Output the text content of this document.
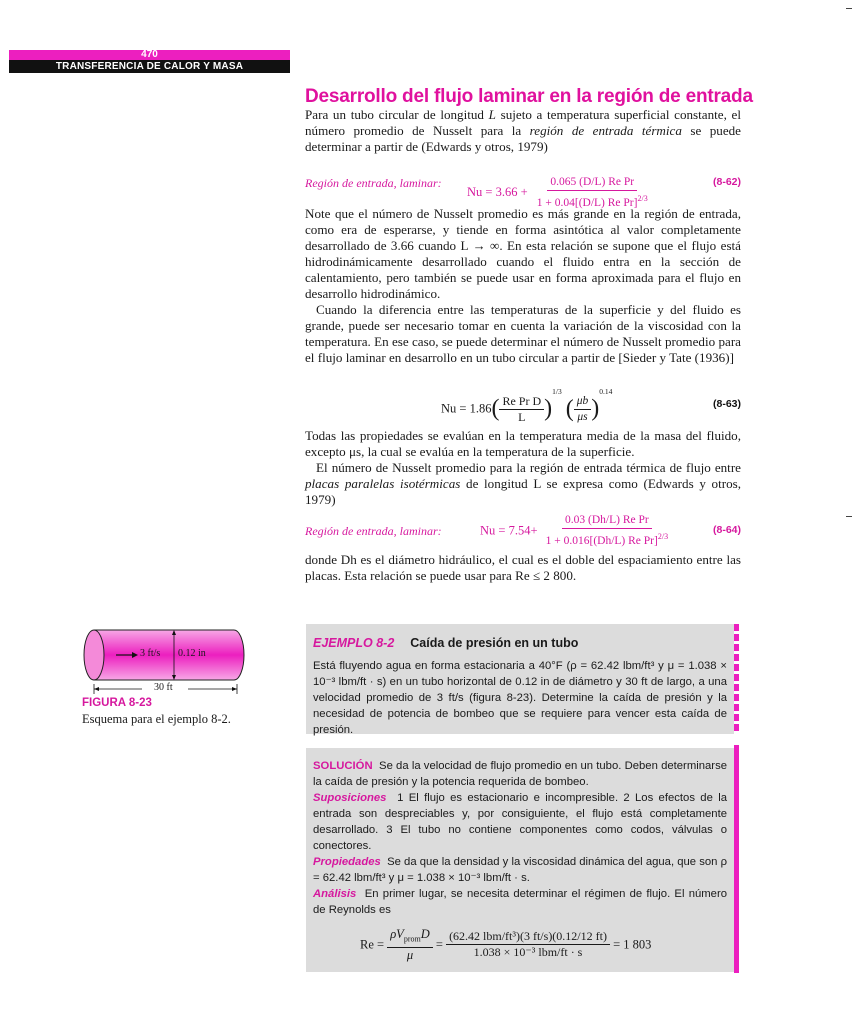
470
TRANSFERENCIA DE CALOR Y MASA
Desarrollo del flujo laminar en la región de entrada

Para un tubo circular de longitud L sujeto a temperatura superficial constante, el número promedio de Nusselt para la región de entrada térmica se puede determinar a partir de (Edwards y otros, 1979)

Región de entrada, laminar:
$Nu = 3.66 + \frac{\text{0.065 (D/L) Re Pr}}{1 + 0.04[(D/L) Re Pr]^{2/3}}$	(8-62)

Note que el número de Nusselt promedio es más grande en la región de entrada, como era de esperarse, y tiende en forma asintótica al valor completamente desarrollado de 3.66 cuando L → ∞. En esta relación se supone que el flujo está hidrodinámicamente desarrollado cuando el fluido entra en la sección de calentamiento, pero también se puede usar en forma aproximada para el flujo en desarrollo hidrodinámico.

Cuando la diferencia entre las temperaturas de la superficie y del fluido es grande, puede ser necesario tomar en cuenta la variación de la viscosidad con la temperatura. En ese caso, se puede determinar el número de Nusselt promedio para el flujo laminar en desarrollo en un tubo circular a partir de [Sieder y Tate (1936)]

$Nu = 1.86( \frac{\text{Re Pr D}}{L} )^{1/3}( \frac{\mu b}{\mu s} )^{0.14}$
(8-63)

Todas las propiedades se evalúan en la temperatura media de la masa del fluido, excepto μs, la cual se evalúa en la temperatura de la superficie.

El número de Nusselt promedio para la región de entrada térmica de flujo entre placas paralelas isotérmicas de longitud L se expresa como (Edwards y otros, 1979)

Región de entrada, laminar:	$Nu = 7.54+ \frac{\text{0.03 (Dh/L) Re Pr}}{1 + 0.016[(Dh/L) Re Pr]^{2/3}}$	(8-64)

donde Dh es el diámetro hidráulico, el cual es el doble del espaciamiento entre las placas. Esta relación se puede usar para Re ≤ 2 800.

3 ft/s 0.12 in
30 ft
FIGURA 8-23
Esquema para el ejemplo 8-2.
EJEMPLO 8-2 Caída de presión en un tubo
Está fluyendo agua en forma estacionaria a 40°F (ρ = 62.42 lbm/ft³ y μ = 1.038 × 10⁻³ lbm/ft · s) en un tubo horizontal de 0.12 in de diámetro y 30 ft de largo, a una velocidad promedio de 3 ft/s (figura 8-23). Determine la caída de presión y la necesidad de potencia de bombeo que se requiere para vencer esta caída de presión.

SOLUCIÓN Se da la velocidad de flujo promedio en un tubo. Deben determinarse la caída de presión y la potencia requerida de bombeo.

Suposiciones 1 El flujo es estacionario e incompresible. 2 Los efectos de la entrada son despreciables y, por consiguiente, el flujo está completamente desarrollado. 3 El tubo no contiene componentes como codos, válvulas o conectores.

Propiedades Se da que la densidad y la viscosidad dinámica del agua, que son ρ = 62.42 lbm/ft³ y μ = 1.038 × 10⁻³ lbm/ft · s.

Análisis En primer lugar, se necesita determinar el régimen de flujo. El número de Reynolds es

$Re = \frac{\rho V_{prom}D}{\mu} = \frac{\text{(62.42 lbm/ft³)(3 ft/s)(0.12/12 ft)}}{\text{1.038 × 10⁻³ lbm/ft · s}} = 1$ 803
